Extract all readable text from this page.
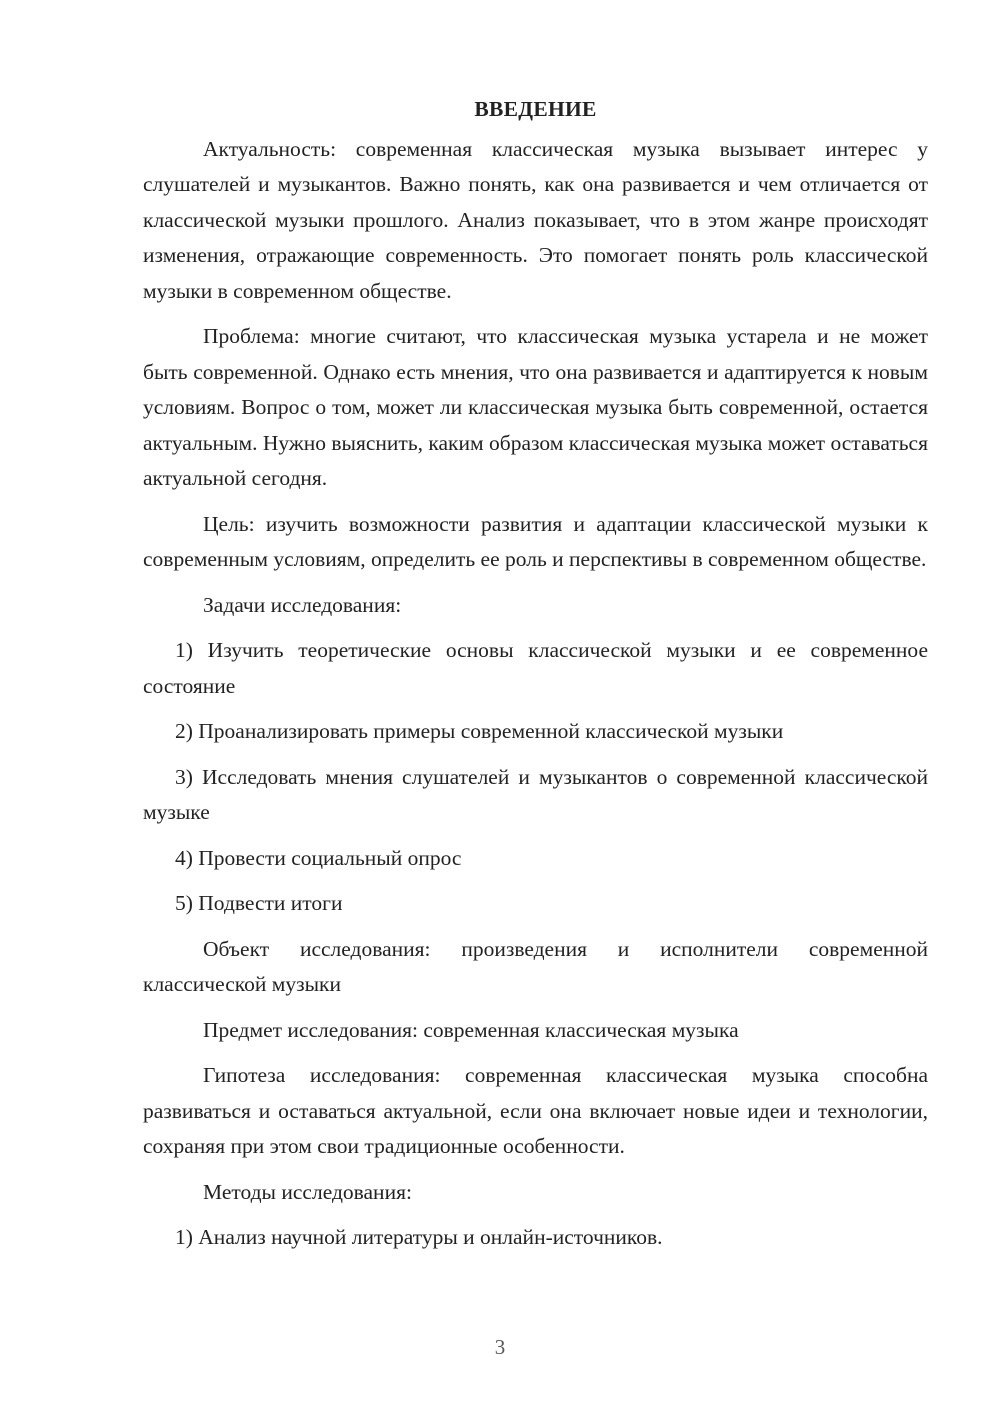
ВВЕДЕНИЕ

Актуальность: современная классическая музыка вызывает интерес у слушателей и музыкантов. Важно понять, как она развивается и чем отличается от классической музыки прошлого. Анализ показывает, что в этом жанре происходят изменения, отражающие современность. Это помогает понять роль классической музыки в современном обществе.

Проблема: многие считают, что классическая музыка устарела и не может быть современной. Однако есть мнения, что она развивается и адаптируется к новым условиям. Вопрос о том, может ли классическая музыка быть современной, остается актуальным. Нужно выяснить, каким образом классическая музыка может оставаться актуальной сегодня.

Цель: изучить возможности развития и адаптации классической музыки к современным условиям, определить ее роль и перспективы в современном обществе.

Задачи исследования:

1) Изучить теоретические основы классической музыки и ее современное состояние

2) Проанализировать примеры современной классической музыки

3) Исследовать мнения слушателей и музыкантов о современной классической музыке

4) Провести социальный опрос

5) Подвести итоги

Объект исследования: произведения и исполнители современной классической музыки

Предмет исследования: современная классическая музыка

Гипотеза исследования: современная классическая музыка способна развиваться и оставаться актуальной, если она включает новые идеи и технологии, сохраняя при этом свои традиционные особенности.

Методы исследования:

1) Анализ научной литературы и онлайн-источников.

3
